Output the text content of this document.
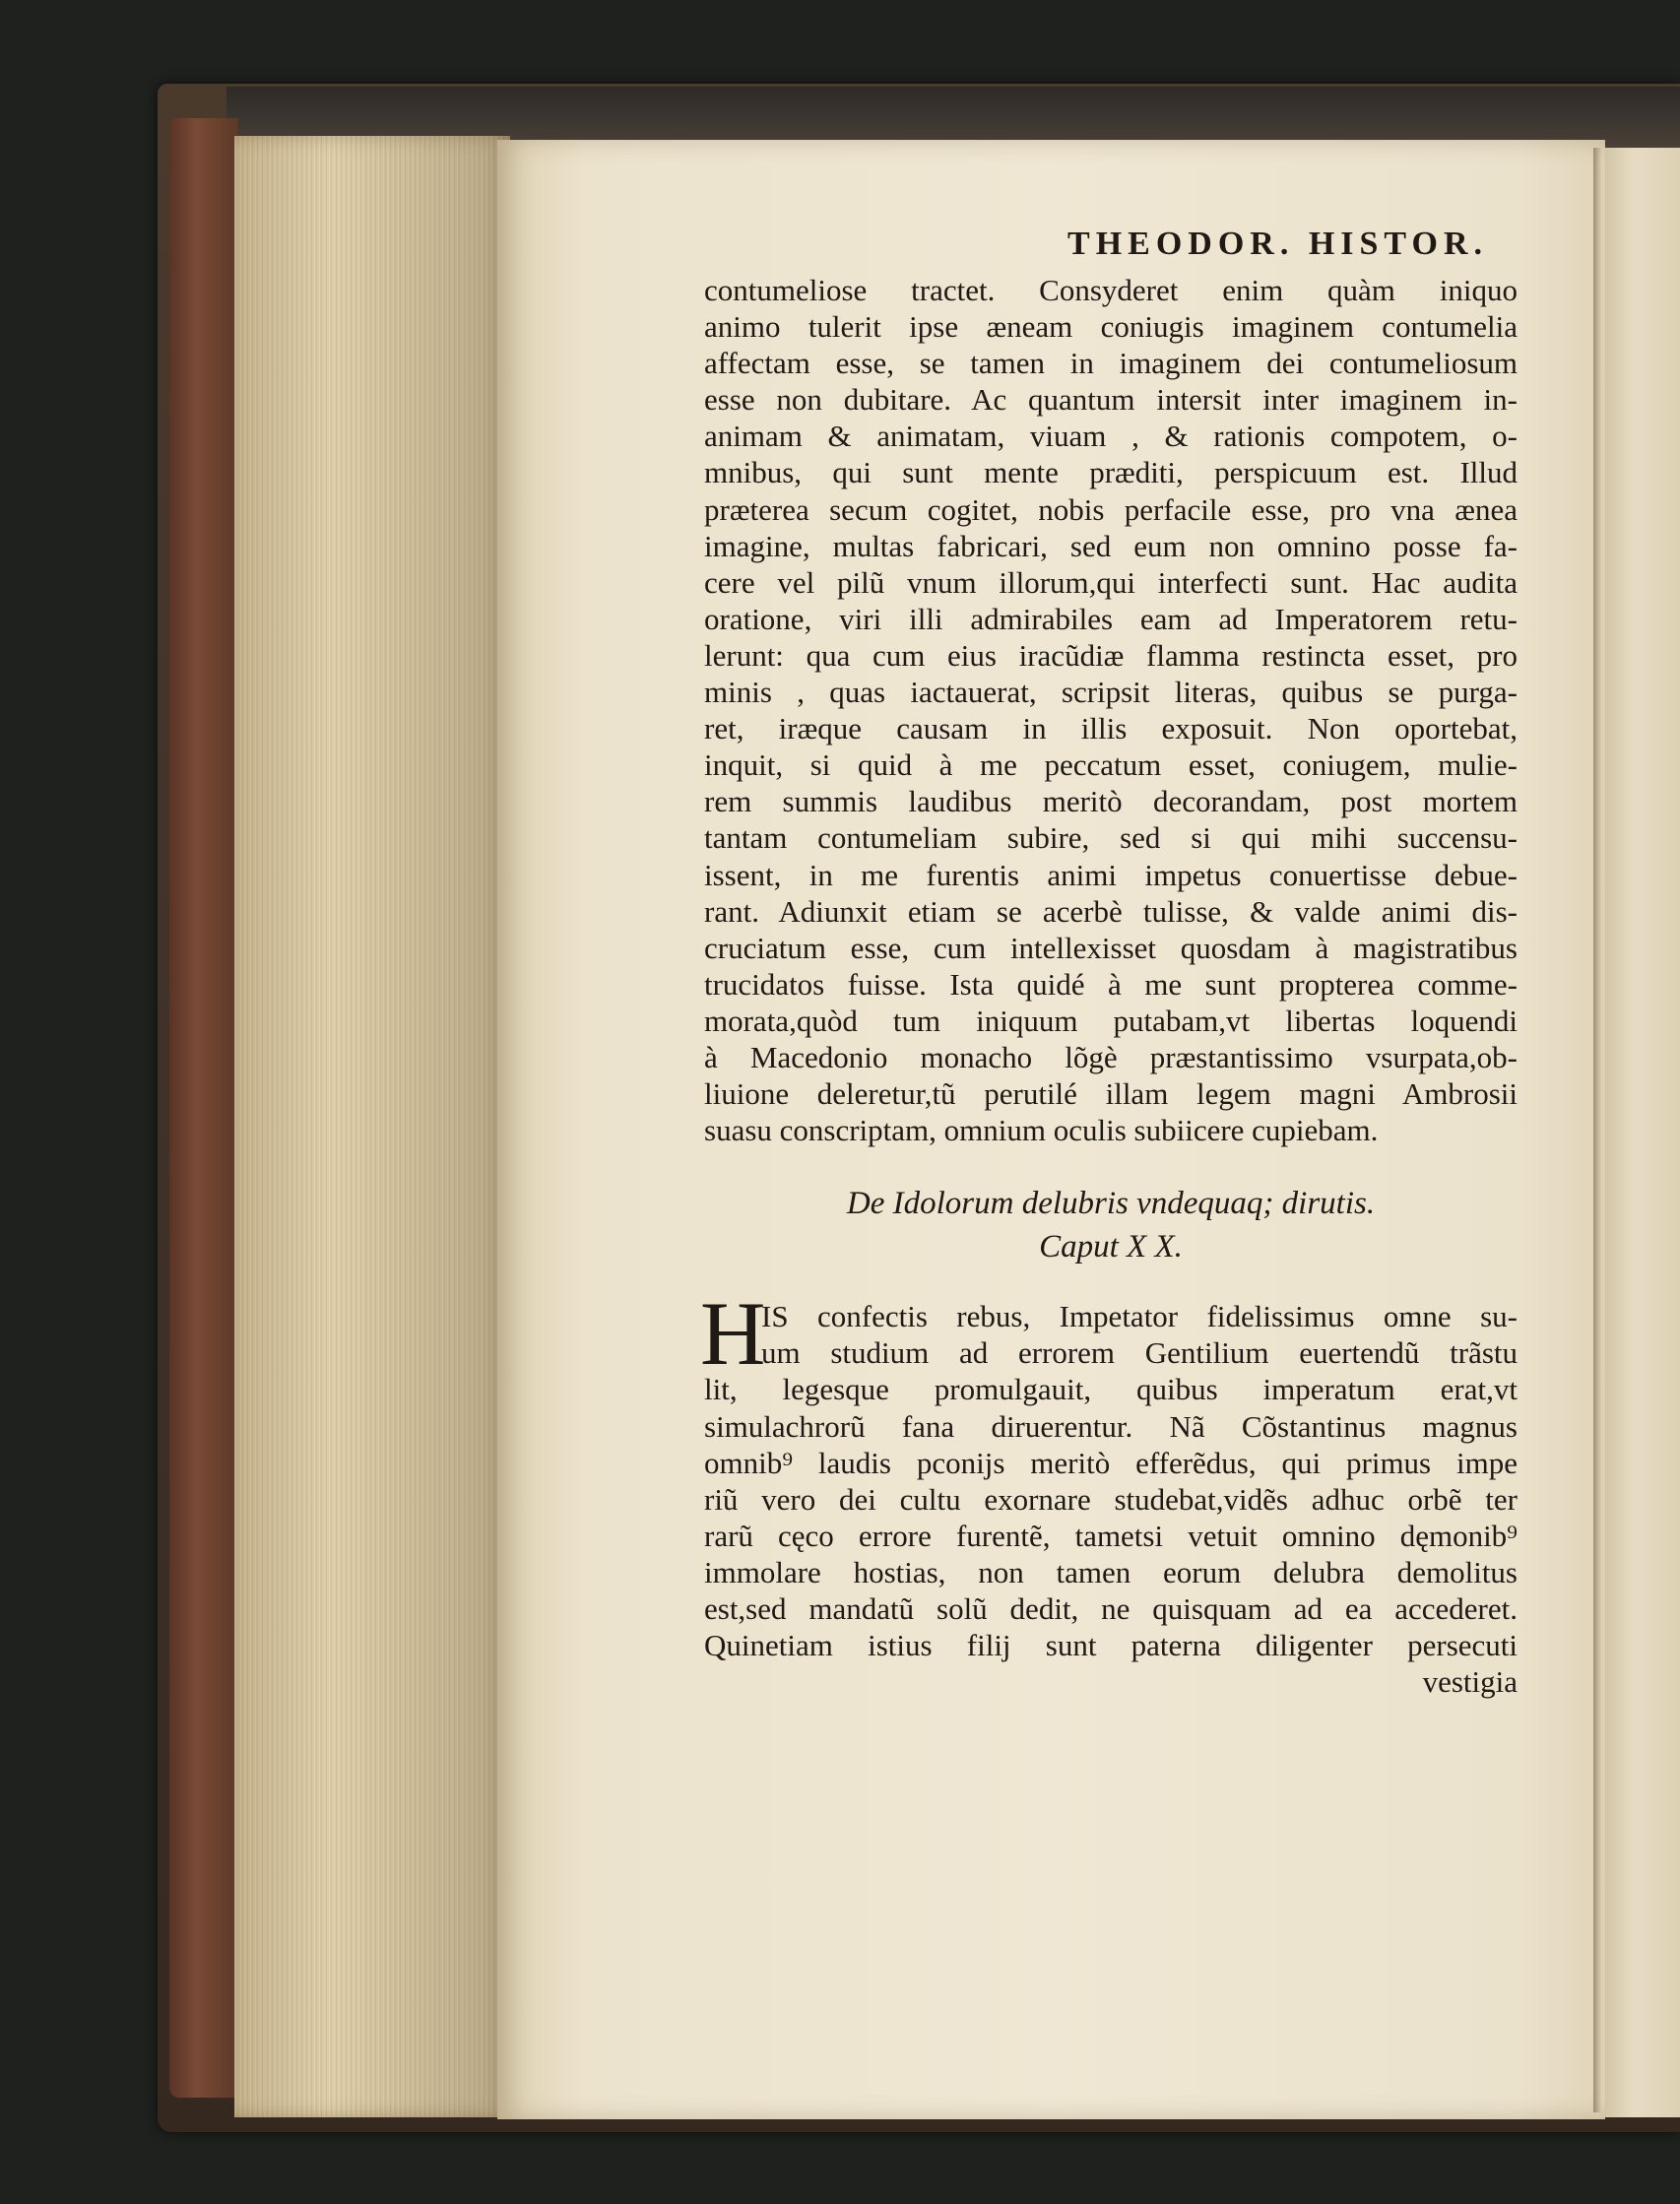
THEODOR. HISTOR.
contumeliose tractet. Consyderet enim quàm iniquo
animo tulerit ipse æneam coniugis imaginem contumelia
affectam esse, se tamen in imaginem dei contumeliosum
esse non dubitare. Ac quantum intersit inter imaginem in-
animam & animatam, viuam , & rationis compotem, o-
mnibus, qui sunt mente præditi, perspicuum est. Illud
præterea secum cogitet, nobis perfacile esse, pro vna ænea
imagine, multas fabricari, sed eum non omnino posse fa-
cere vel pilũ vnum illorum,qui interfecti sunt. Hac audita
oratione, viri illi admirabiles eam ad Imperatorem retu-
lerunt: qua cum eius iracũdiæ flamma restincta esset, pro
minis , quas iactauerat, scripsit literas, quibus se purga-
ret, iræque causam in illis exposuit. Non oportebat,
inquit, si quid à me peccatum esset, coniugem, mulie-
rem summis laudibus meritò decorandam, post mortem
tantam contumeliam subire, sed si qui mihi succensu-
issent, in me furentis animi impetus conuertisse debue-
rant. Adiunxit etiam se acerbè tulisse, & valde animi dis-
cruciatum esse, cum intellexisset quosdam à magistratibus
trucidatos fuisse. Ista quidé à me sunt propterea comme-
morata,quòd tum iniquum putabam,vt libertas loquendi
à Macedonio monacho lõgè præstantissimo vsurpata,ob-
liuione deleretur,tũ perutilé illam legem magni Ambrosii
suasu conscriptam, omnium oculis subiicere cupiebam.
De Idolorum delubris vndequaq; dirutis.
Caput X X.
H
IS confectis rebus, Impetator fidelissimus omne su-
um studium ad errorem Gentilium euertendũ trãstu
lit, legesque promulgauit, quibus imperatum erat,vt
simulachrorũ fana diruerentur. Nã Cõstantinus magnus
omnib⁹ laudis pconijs meritò efferẽdus, qui primus impe
riũ vero dei cultu exornare studebat,vidẽs adhuc orbẽ ter
rarũ cęco errore furentẽ, tametsi vetuit omnino dęmonib⁹
immolare hostias, non tamen eorum delubra demolitus
est,sed mandatũ solũ dedit, ne quisquam ad ea accederet.
Quinetiam istius filij sunt paterna diligenter persecuti
vestigia
